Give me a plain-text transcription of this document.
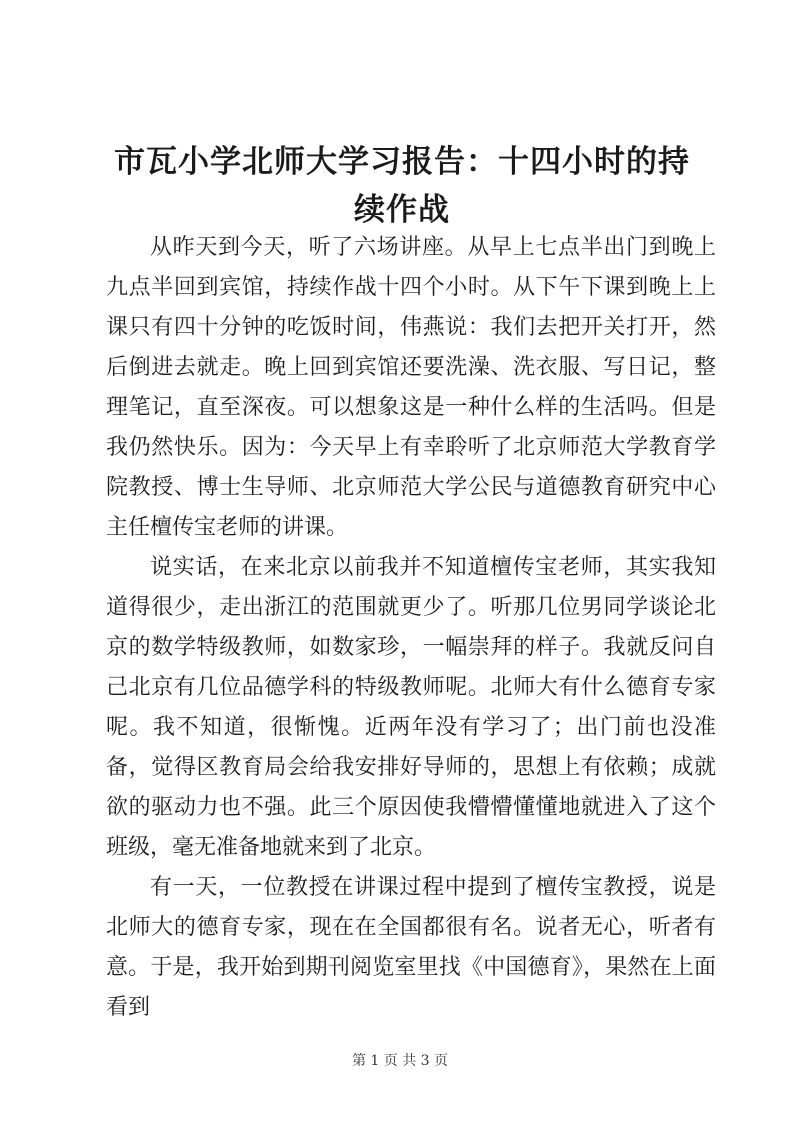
市瓦小学北师大学习报告：十四小时的持续作战

从昨天到今天，听了六场讲座。从早上七点半出门到晚上九点半回到宾馆，持续作战十四个小时。从下午下课到晚上上课只有四十分钟的吃饭时间，伟燕说：我们去把开关打开，然后倒进去就走。晚上回到宾馆还要洗澡、洗衣服、写日记，整理笔记，直至深夜。可以想象这是一种什么样的生活吗。但是我仍然快乐。因为：今天早上有幸聆听了北京师范大学教育学院教授、博士生导师、北京师范大学公民与道德教育研究中心主任檀传宝老师的讲课。

说实话，在来北京以前我并不知道檀传宝老师，其实我知道得很少，走出浙江的范围就更少了。听那几位男同学谈论北京的数学特级教师，如数家珍，一幅崇拜的样子。我就反问自己北京有几位品德学科的特级教师呢。北师大有什么德育专家呢。我不知道，很惭愧。近两年没有学习了；出门前也没准备，觉得区教育局会给我安排好导师的，思想上有依赖；成就欲的驱动力也不强。此三个原因使我懵懵懂懂地就进入了这个班级，毫无准备地就来到了北京。

有一天，一位教授在讲课过程中提到了檀传宝教授，说是北师大的德育专家，现在在全国都很有名。说者无心，听者有意。于是，我开始到期刊阅览室里找《中国德育》，果然在上面看到

第 1 页 共 3 页
